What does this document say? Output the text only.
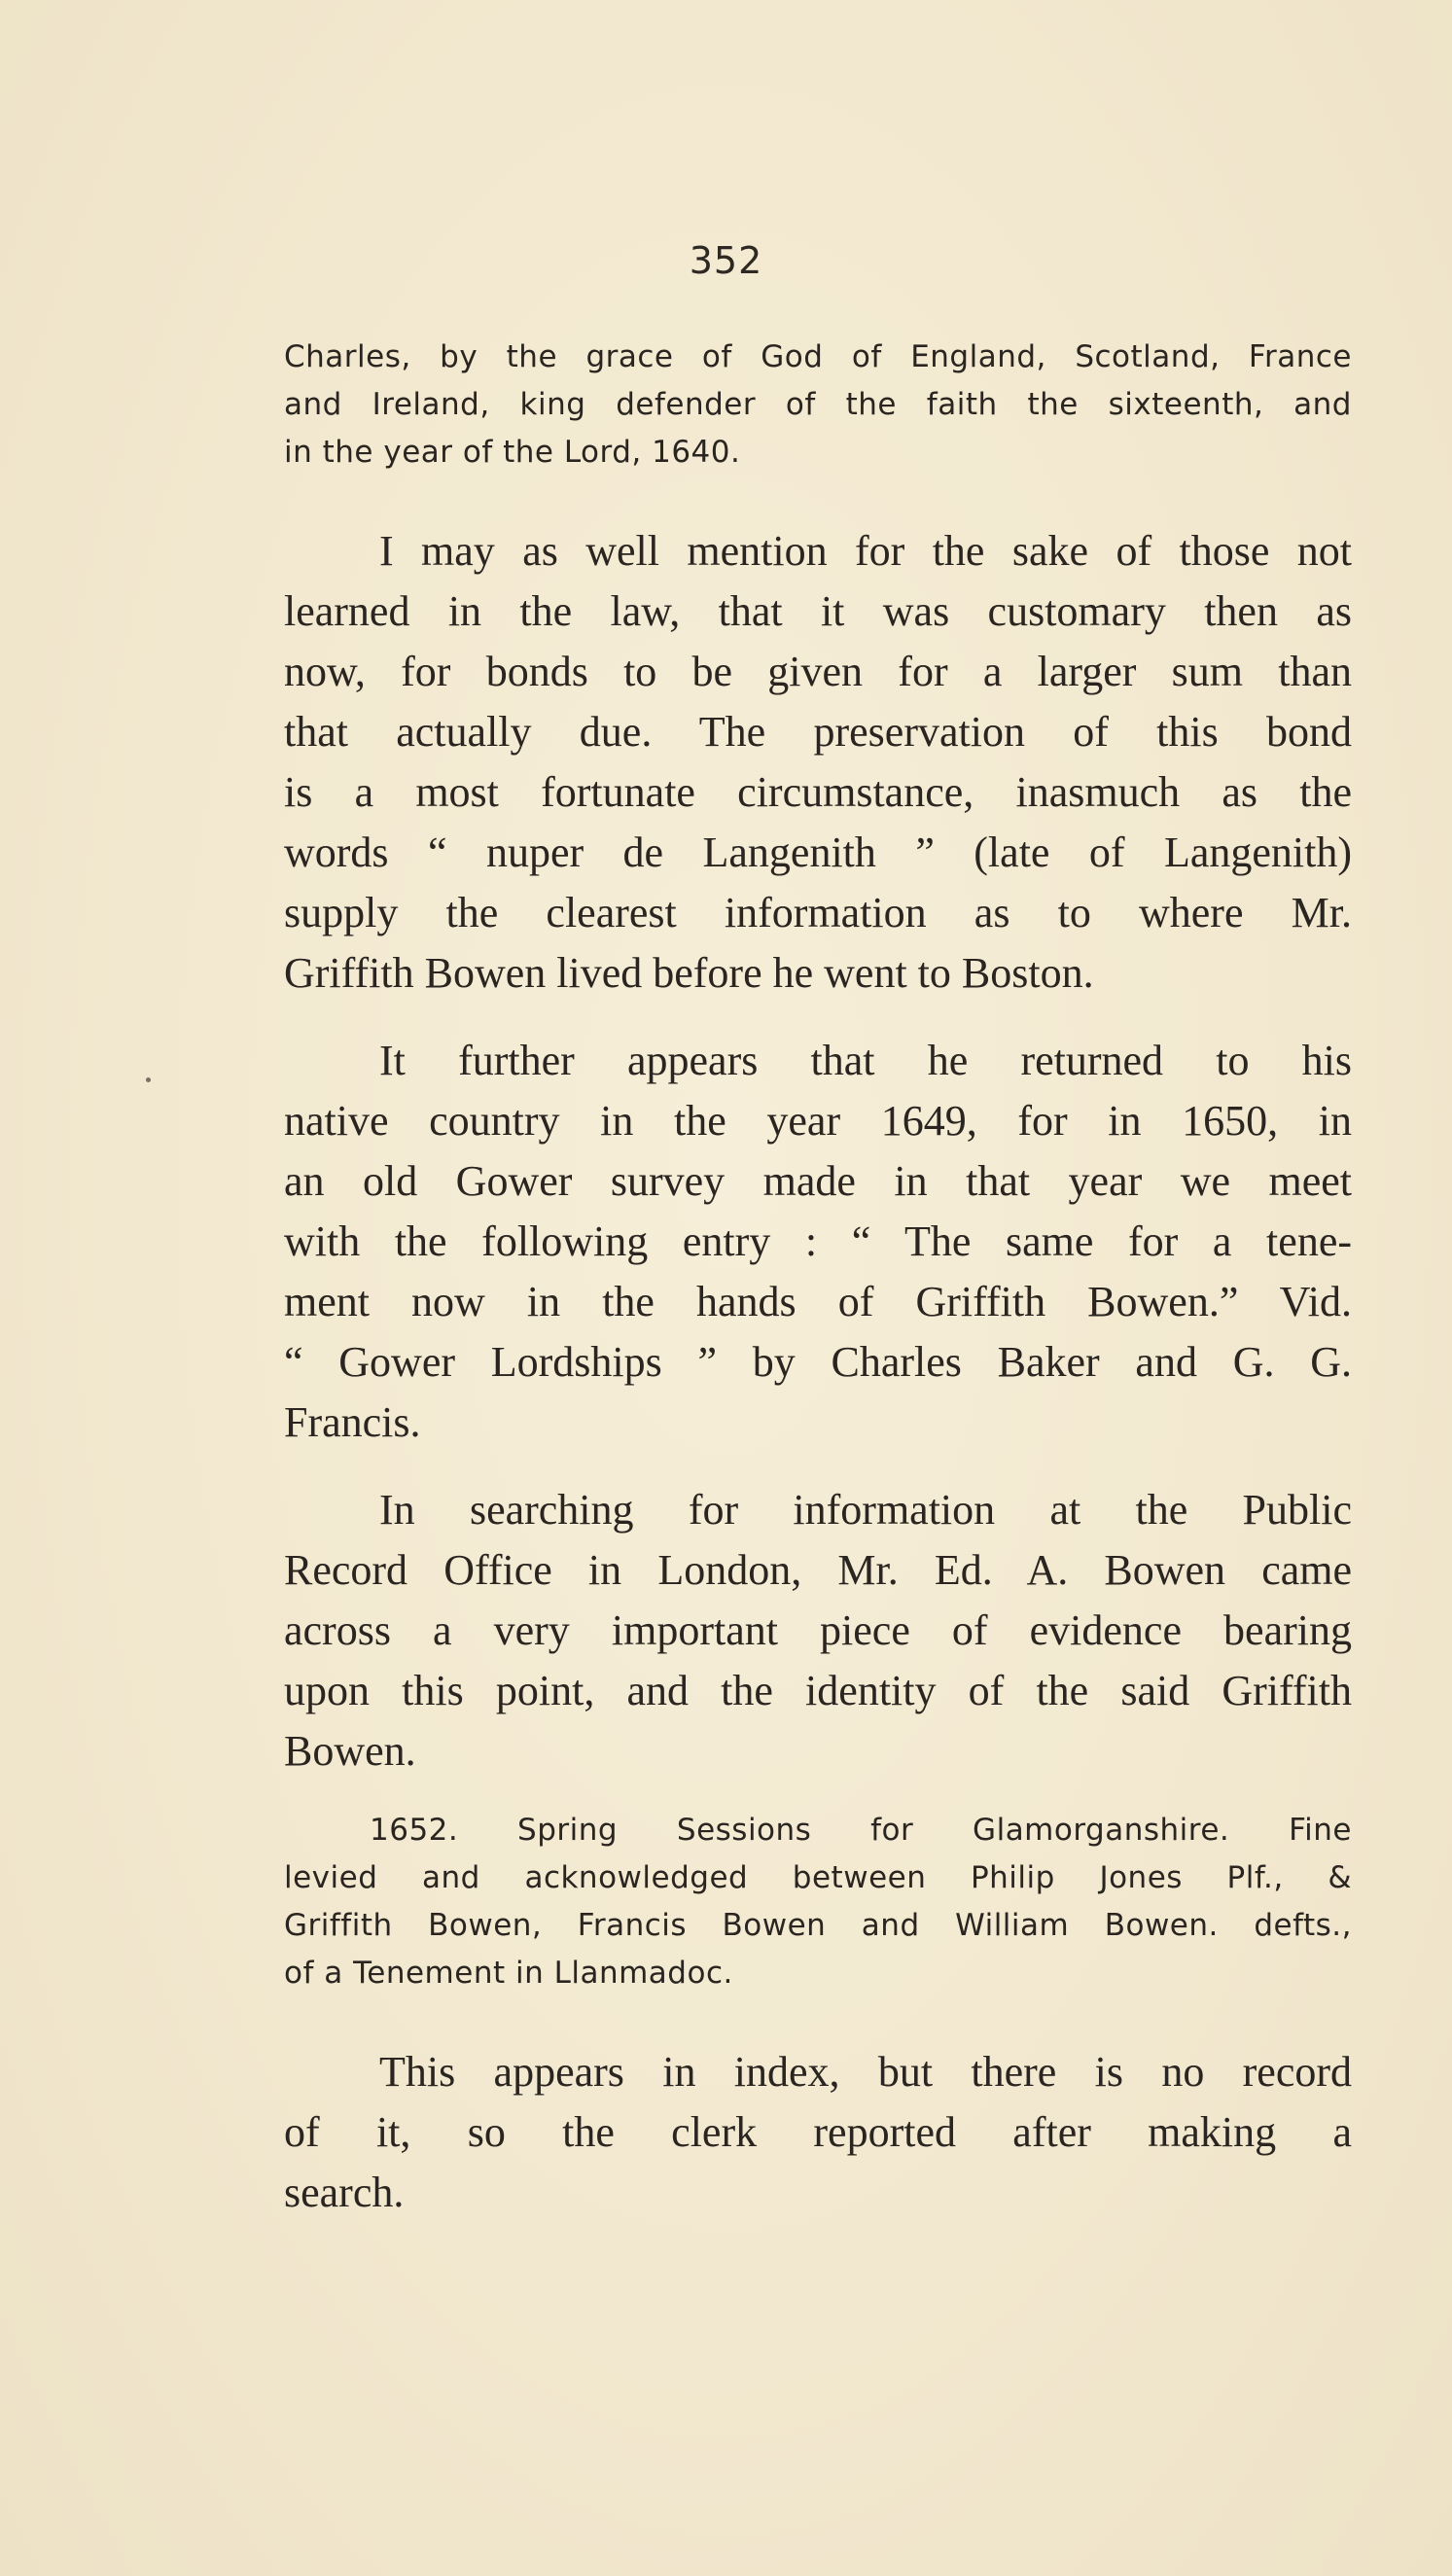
352
Charles, by the grace of God of England, Scotland, France
and Ireland, king defender of the faith the sixteenth, and
in the year of the Lord, 1640.
I may as well mention for the sake of those not
learned in the law, that it was customary then as
now, for bonds to be given for a larger sum than
that actually due. The preservation of this bond
is a most fortunate circumstance, inasmuch as the
words “ nuper de Langenith ” (late of Langenith)
supply the clearest information as to where Mr.
Griffith Bowen lived before he went to Boston.
It further appears that he returned to his
native country in the year 1649, for in 1650, in
an old Gower survey made in that year we meet
with the following entry : “ The same for a tene-
ment now in the hands of Griffith Bowen.” Vid.
“ Gower Lordships ” by Charles Baker and G. G.
Francis.
In searching for information at the Public
Record Office in London, Mr. Ed. A. Bowen came
across a very important piece of evidence bearing
upon this point, and the identity of the said Griffith
Bowen.
1652. Spring Sessions for Glamorganshire. Fine
levied and acknowledged between Philip Jones Plf., &
Griffith Bowen, Francis Bowen and William Bowen. defts.,
of a Tenement in Llanmadoc.
This appears in index, but there is no record
of it, so the clerk reported after making a
search.
